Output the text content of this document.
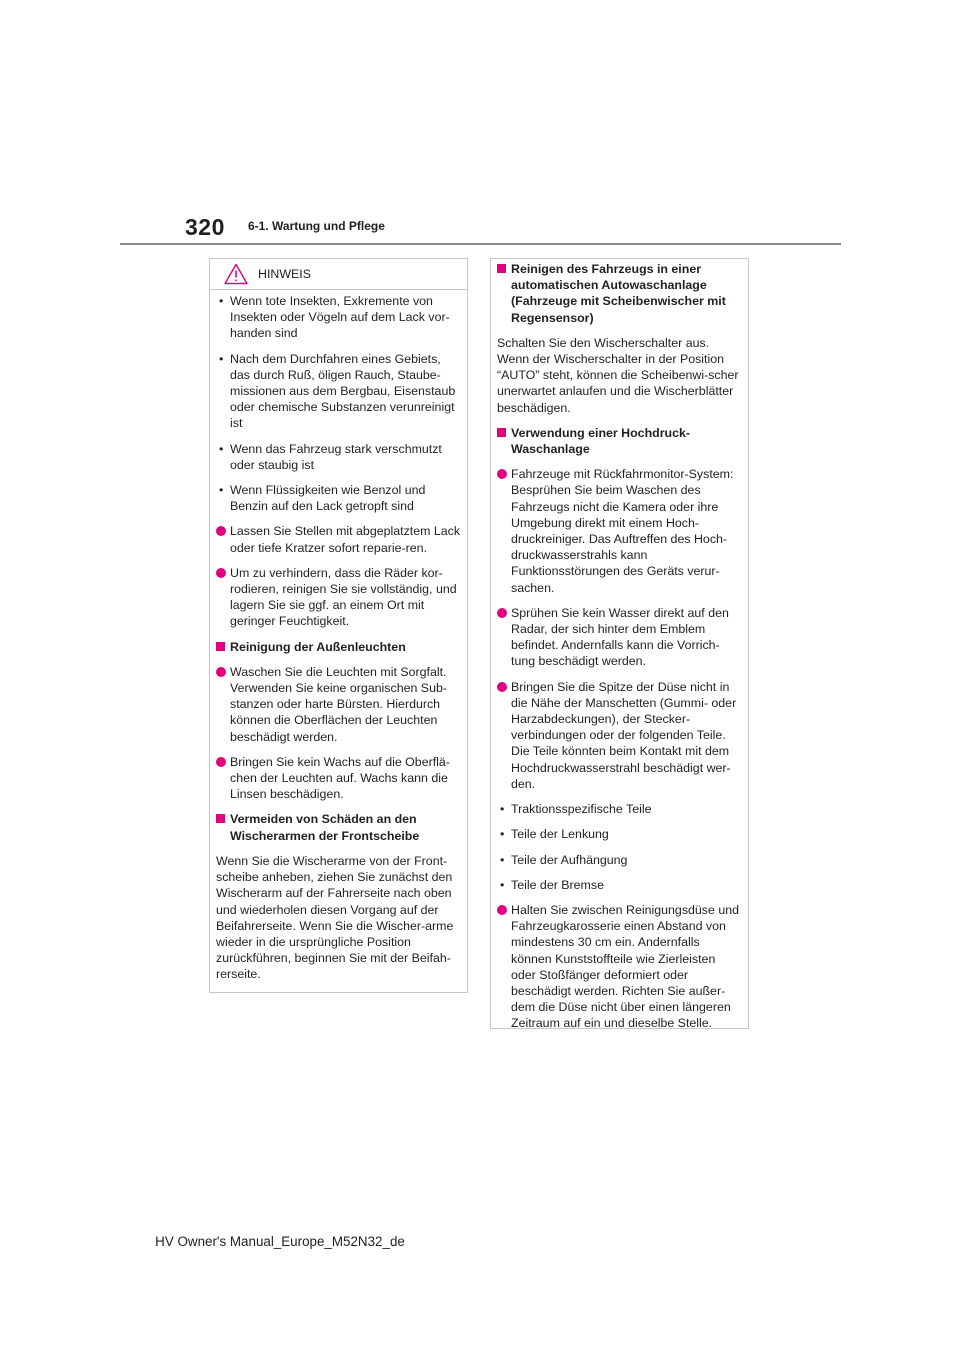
320 6-1. Wartung und Pflege
HINWEIS
• Wenn tote Insekten, Exkremente von Insekten oder Vögeln auf dem Lack vor-handen sind
• Nach dem Durchfahren eines Gebiets, das durch Ruß, öligen Rauch, Staube-missionen aus dem Bergbau, Eisenstaub oder chemische Substanzen verunreinigt ist
• Wenn das Fahrzeug stark verschmutzt oder staubig ist
• Wenn Flüssigkeiten wie Benzol und Benzin auf den Lack getropft sind
Lassen Sie Stellen mit abgeplatztem Lack oder tiefe Kratzer sofort reparie-ren.
Um zu verhindern, dass die Räder kor-rodieren, reinigen Sie sie vollständig, und lagern Sie sie ggf. an einem Ort mit geringer Feuchtigkeit.
Reinigung der Außenleuchten
Waschen Sie die Leuchten mit Sorgfalt. Verwenden Sie keine organischen Sub-stanzen oder harte Bürsten. Hierdurch können die Oberflächen der Leuchten beschädigt werden.
Bringen Sie kein Wachs auf die Oberflä-chen der Leuchten auf. Wachs kann die Linsen beschädigen.
Vermeiden von Schäden an den Wischerarmen der Frontscheibe
Wenn Sie die Wischerarme von der Front-scheibe anheben, ziehen Sie zunächst den Wischerarm auf der Fahrerseite nach oben und wiederholen diesen Vorgang auf der Beifahrerseite. Wenn Sie die Wischer-arme wieder in die ursprüngliche Position zurückführen, beginnen Sie mit der Beifah-rerseite.
Reinigen des Fahrzeugs in einer automatischen Autowaschanlage (Fahrzeuge mit Scheibenwischer mit Regensensor)
Schalten Sie den Wischerschalter aus. Wenn der Wischerschalter in der Position “AUTO” steht, können die Scheibenwi-scher unerwartet anlaufen und die Wischerblätter beschädigen.
Verwendung einer Hochdruck-Waschanlage
Fahrzeuge mit Rückfahrmonitor-System: Besprühen Sie beim Waschen des Fahrzeugs nicht die Kamera oder ihre Umgebung direkt mit einem Hoch-druckreiniger. Das Auftreffen des Hoch-druckwasserstrahls kann Funktionsstörungen des Geräts verur-sachen.
Sprühen Sie kein Wasser direkt auf den Radar, der sich hinter dem Emblem befindet. Andernfalls kann die Vorrich-tung beschädigt werden.
Bringen Sie die Spitze der Düse nicht in die Nähe der Manschetten (Gummi- oder Harzabdeckungen), der Stecker-verbindungen oder der folgenden Teile. Die Teile könnten beim Kontakt mit dem Hochdruckwasserstrahl beschädigt wer-den.
• Traktionsspezifische Teile
• Teile der Lenkung
• Teile der Aufhängung
• Teile der Bremse
Halten Sie zwischen Reinigungsdüse und Fahrzeugkarosserie einen Abstand von mindestens 30 cm ein. Andernfalls können Kunststoffteile wie Zierleisten oder Stoßfänger deformiert oder beschädigt werden. Richten Sie außer-dem die Düse nicht über einen längeren Zeitraum auf ein und dieselbe Stelle.
HV Owner's Manual_Europe_M52N32_de
